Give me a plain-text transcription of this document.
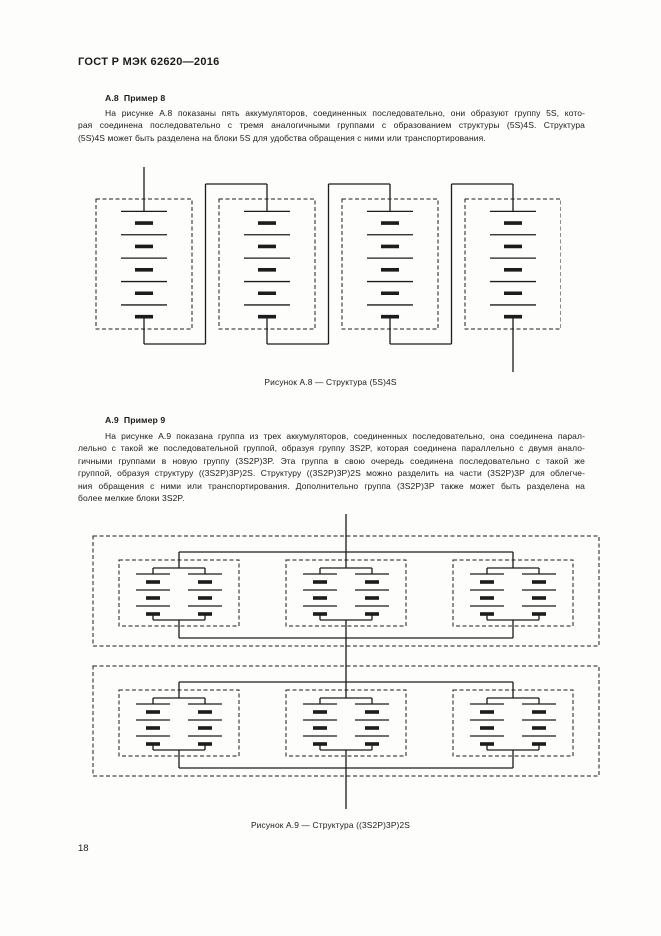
ГОСТ Р МЭК 62620—2016
А.8  Пример 8
На рисунке А.8 показаны пять аккумуляторов, соединенных последовательно, они образуют группу 5S, кото-
рая соединена последовательно с тремя аналогичными группами с образованием структуры (5S)4S. Структура
(5S)4S может быть разделена на блоки 5S для удобства обращения с ними или транспортирования.
Рисунок А.8 — Структура (5S)4S
А.9  Пример 9
На рисунке А.9 показана группа из трех аккумуляторов, соединенных последовательно, она соединена парал-
лельно с такой же последовательной группой, образуя группу 3S2P, которая соединена параллельно с двумя анало-
гичными группами в новую группу (3S2P)3P. Эта группа в свою очередь соединена последовательно с такой же
группой, образуя структуру ((3S2P)3P)2S. Структуру ((3S2P)3P)2S можно разделить на части (3S2P)3P для облегче-
ния обращения с ними или транспортирования. Дополнительно группа (3S2P)3P также может быть разделена на
более мелкие блоки 3S2P.
Рисунок А.9 — Структура ((3S2P)3P)2S
18
